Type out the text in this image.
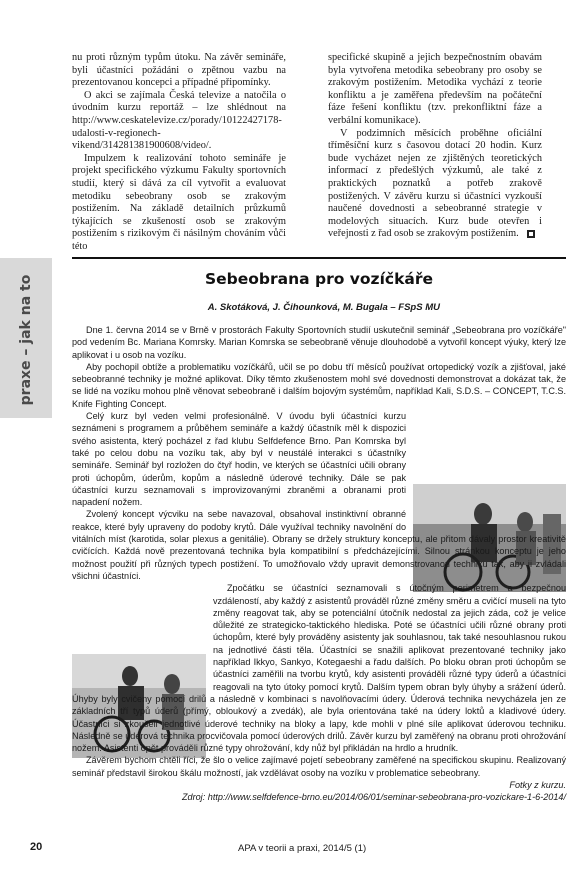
praxe – jak na to

nu proti různým typům útoku. Na závěr semináře, byli účastníci požádáni o zpětnou vazbu na prezentovanou koncepci a případné připomínky.

O akci se zajímala Česká televize a natočila o úvodním kurzu reportáž – lze shlédnout na http://www.ceskatelevize.cz/porady/10122427178-udalosti-v-regionech-vikend/314281381900608/video/.

Impulzem k realizování tohoto semináře je projekt specifického výzkumu Fakulty sportovních studií, který si dává za cíl vytvořit a evaluovat metodiku sebeobrany osob se zrakovým postižením. Na základě detailních průzkumů týkajících se zkušeností osob se zrakovým postižením s rizikovým či násilným chováním vůči této

specifické skupině a jejich bezpečnostním obavám byla vytvořena metodika sebeobrany pro osoby se zrakovým postižením. Metodika vychází z teorie konfliktu a je zaměřena především na počáteční fáze řešení konfliktu (tzv. prekonfliktní fáze a verbální komunikace).

V podzimních měsících proběhne oficiální tříměsíční kurz s časovou dotací 20 hodin. Kurz bude vycházet nejen ze zjištěných teoretických informací z předešlých výzkumů, ale také z praktických poznatků a potřeb zrakově postižených. V závěru kurzu si účastníci vyzkouší naučené dovednosti a sebeobranné strategie v modelových situacích. Kurz bude otevřen i veřejnosti z řad osob se zrakovým postižením.

Sebeobrana pro vozíčkáře

A. Skotáková, J. Čihounková, M. Bugala – FSpS MU

Dne 1. června 2014 se v Brně v prostorách Fakulty Sportovních studií uskutečnil seminář „Sebeobrana pro vozíčkáře" pod vedením Bc. Mariana Komrsky. Marian Komrska se sebeobraně věnuje dlouhodobě a vytvořil koncept výuky, který lze aplikovat i u osob na vozíku.

Aby pochopil obtíže a problematiku vozíčkářů, učil se po dobu tří měsíců používat ortopedický vozík a zjišťoval, jaké sebeobranné techniky je možné aplikovat. Díky těmto zkušenostem mohl své dovednosti demonstrovat a dokázat tak, že se lidé na vozíku mohou plně věnovat sebeobraně i dalším bojovým systémům, například Kali, S.D.S. – CONCEPT, T.C.S. Knife Fighting Concept.

Celý kurz byl veden velmi profesionálně. V úvodu byli účastníci kurzu seznámeni s programem a průběhem semináře a každý účastník měl k dispozici svého asistenta, který pocházel z řad klubu Selfdefence Brno. Pan Komrska byl také po celou dobu na vozíku tak, aby byl v neustálé interakci s účastníky semináře. Seminář byl rozložen do čtyř hodin, ve kterých se účastníci učili obrany proti úchopům, úderům, kopům a následně úderové techniky. Dále se pak účastníci kurzu seznamovali s improvizovanými zbraněmi a obranami proti napadení nožem.

Zvolený koncept výcviku na sebe navazoval, obsahoval instinktivní obranné reakce, které byly upraveny do podoby krytů. Dále využíval techniky navolnění do vitálních míst (karotida, solar plexus a genitálie). Obrany se držely struktury konceptu, ale přitom dávaly prostor kreativitě cvičících. Každá nově prezentovaná technika byla kompatibilní s předcházejícími. Silnou stránkou konceptu je jeho možnost použití při různých typech postižení. To umožňovalo vždy upravit demonstrovanou techniku tak, aby ji zvládali všichni účastníci.

Zpočátku se účastníci seznamovali s útočným perimetrem a bezpečnou vzdáleností, aby každý z asistentů prováděl různé změny směru a cvičící museli na tyto změny reagovat tak, aby se potenciální útočník nedostal za jejich záda, což je velice důležité ze strategicko-taktického hlediska. Poté se účastníci učili různé obrany proti úchopům, které byly prováděny asistenty jak souhlasnou, tak také nesouhlasnou rukou na jednotlivé části těla. Účastníci se snažili aplikovat prezentované techniky jako například Ikkyo, Sankyo, Kotegaeshi a řadu dalších. Po bloku obran proti úchopům se účastníci zaměřili na tvorbu krytů, kdy asistenti prováděli různé typy úderů a účastníci reagovali na tyto útoky pomocí krytů. Dalším typem obran byly úhyby a srážení úderů. Úhyby byly cvičeny pomocí drilů a následně v kombinaci s navolňovacími údery. Úderová technika nevycházela jen ze základních tří typů úderů (přímý, obloukový a zvedák), ale byla orientována také na údery loktů a kladivové údery. Účastníci si zkoušeli jednotlivé úderové techniky na bloky a lapy, kde mohli v plné síle aplikovat úderovou techniku. Následně se úderová technika procvičovala pomocí úderových drilů. Závěr kurzu byl zaměřený na obranu proti ohrožování nožem. Asistenti opět prováděli různé typy ohrožování, kdy nůž byl přikládán na hrdlo a hrudník.

Závěrem bychom chtěli říci, že šlo o velice zajímavé pojetí sebeobrany zaměřené na specifickou skupinu. Realizovaný seminář představil širokou škálu možností, jak vzdělávat osoby na vozíku v problematice sebeobrany.

Fotky z kurzu.

Zdroj: http://www.selfdefence-brno.eu/2014/06/01/seminar-sebeobrana-pro-vozickare-1-6-2014/

20	APA v teorii a praxi, 2014/5 (1)
